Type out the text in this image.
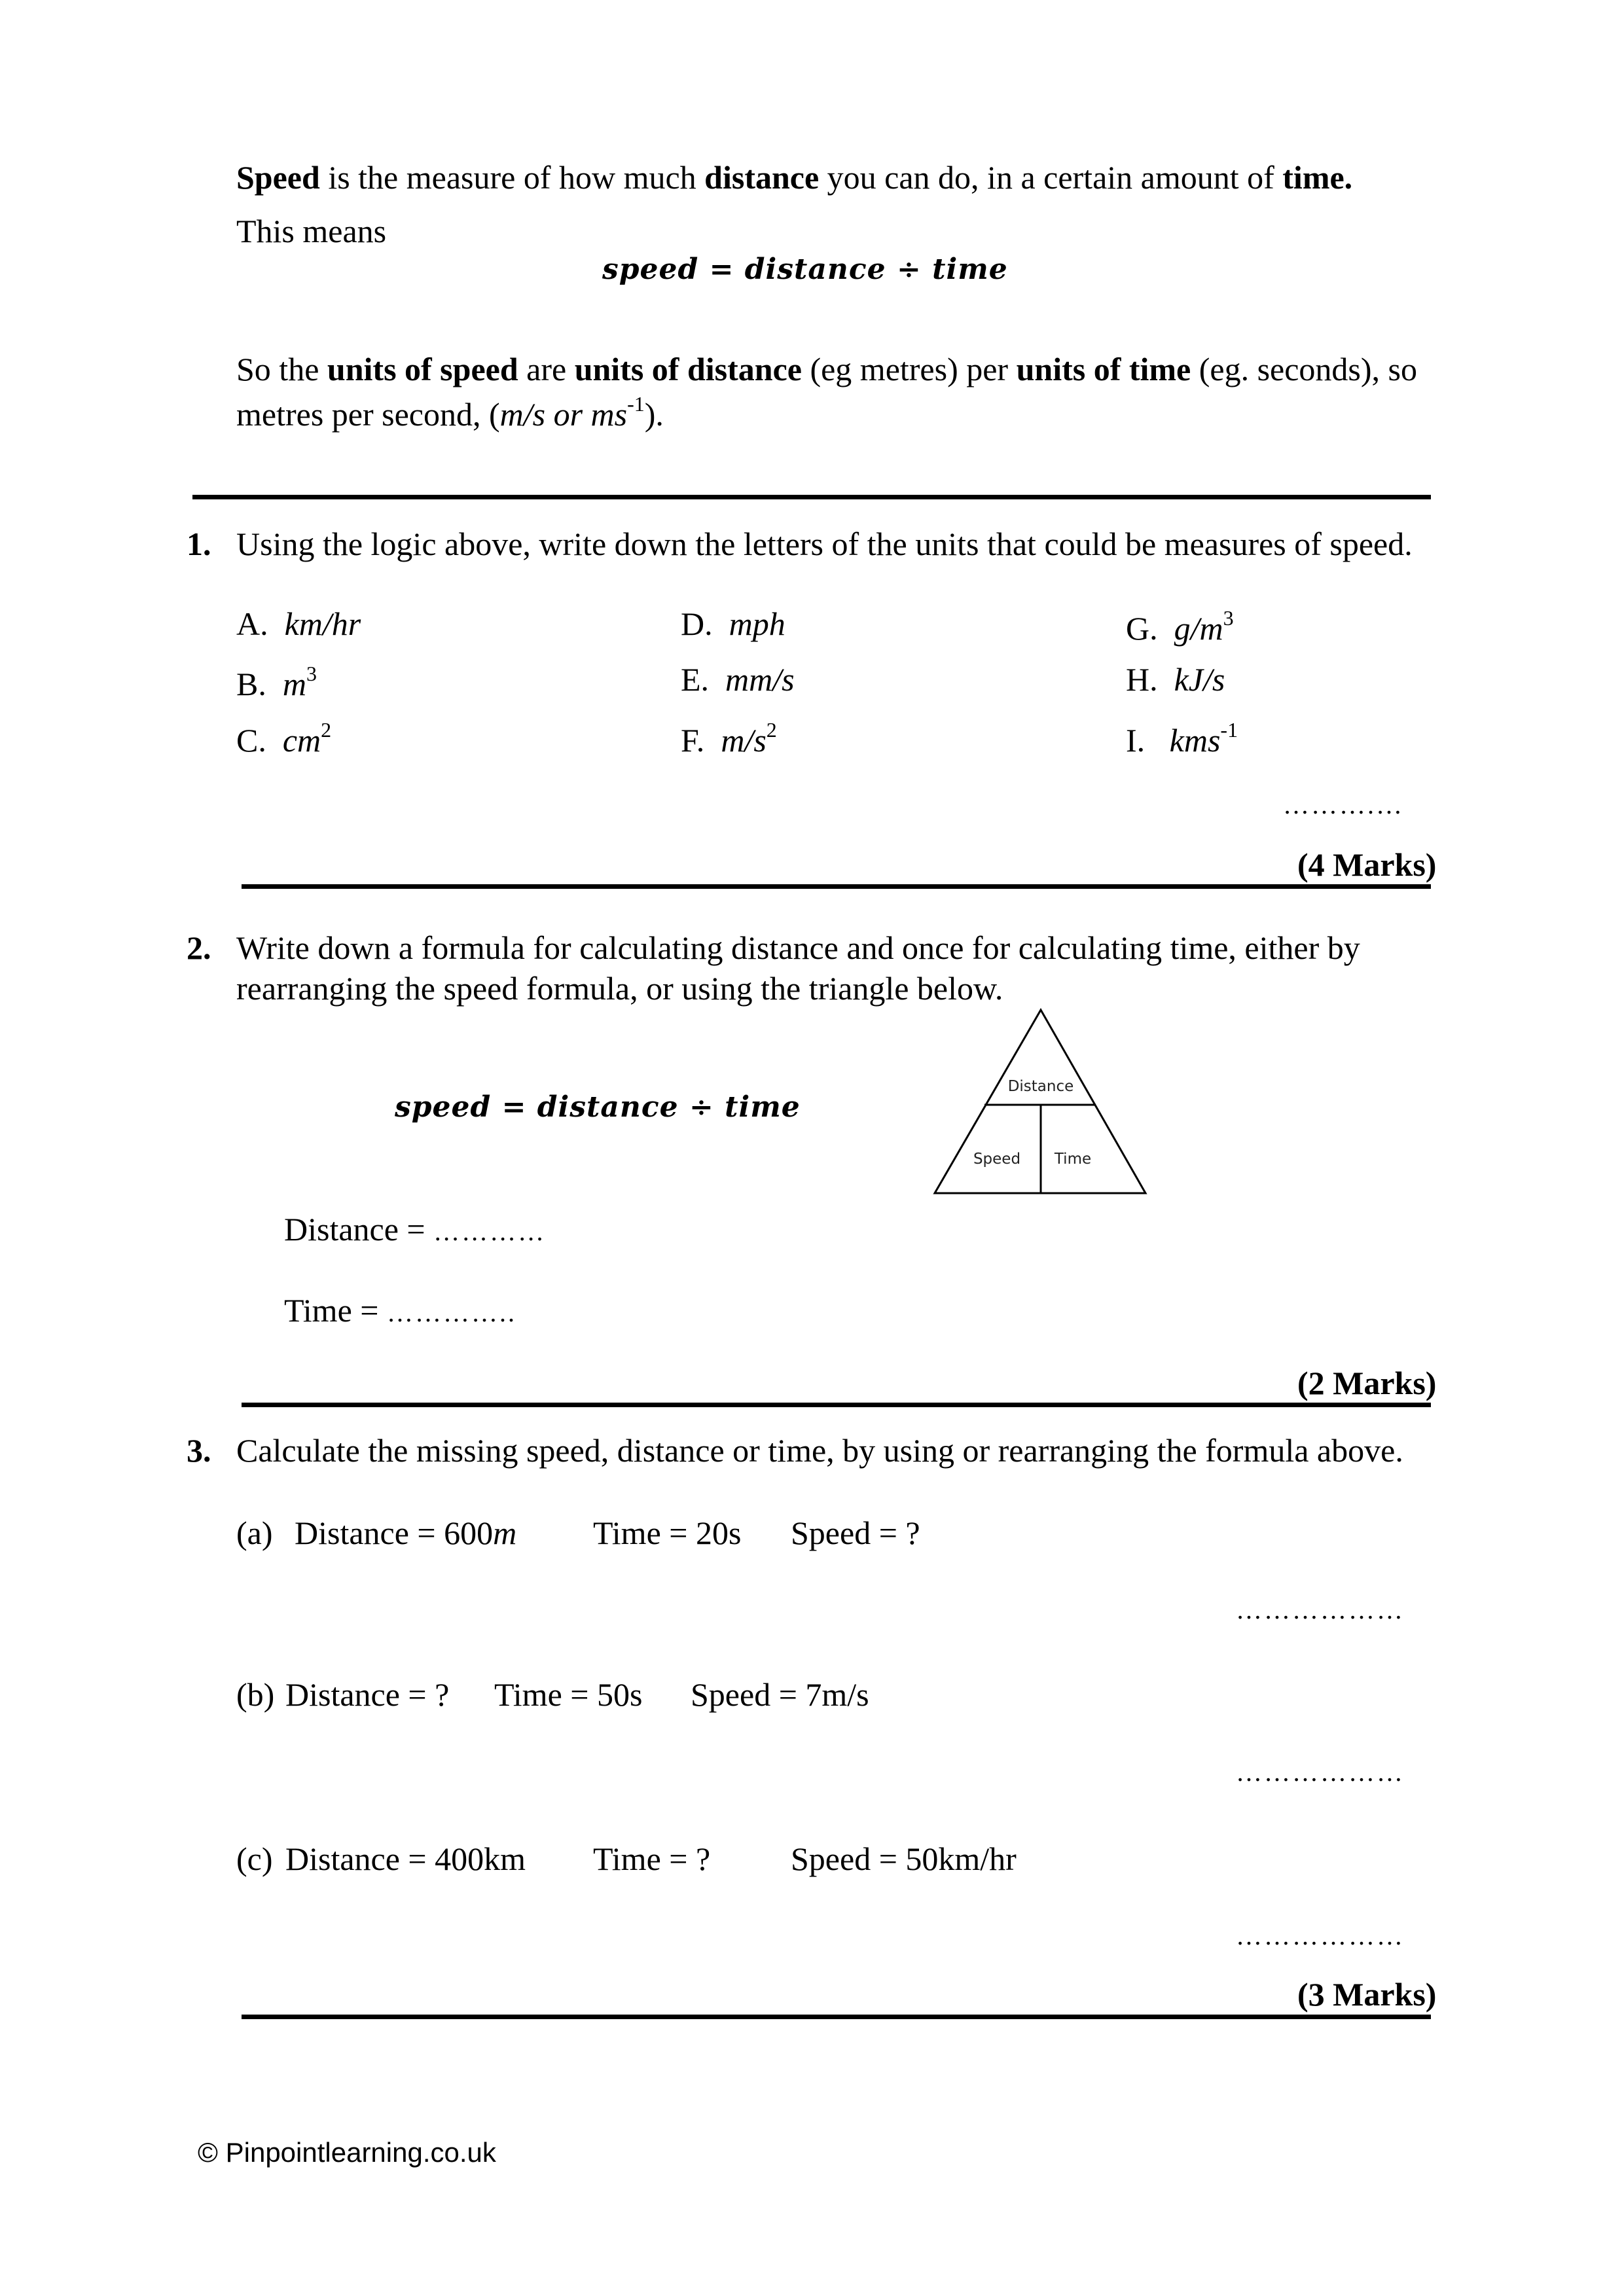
Speed is the measure of how much distance you can do, in a certain amount of time.
This means
speed = distance ÷ time
So the units of speed are units of distance (eg metres) per units of time (eg. seconds), so
metres per second, (m/s or $ms^{-1}$).
1. Using the logic above, write down the letters of the units that could be measures of speed.
A. km/hr
B. $m^3$
C. $cm^2$
D. mph
E. mm/s
F. $m/s^2$
G. $g/m^3$
H. kJ/s
I. kms$^{-1}$
……….…
(4 Marks)
2. Write down a formula for calculating distance and once for calculating time, either by
rearranging the speed formula, or using the triangle below.
speed = distance ÷ time
Distance
Speed Time
Distance = …………
Time = …………..
(2 Marks)
3. Calculate the missing speed, distance or time, by using or rearranging the formula above.
(a) Distance = 600m Time = 20s Speed = ?
………………
(b) Distance = ? Time = 50s Speed = 7m/s
………………
(c) Distance = 400km Time = ? Speed = 50km/hr
………………
(3 Marks)
© Pinpointlearning.co.uk
